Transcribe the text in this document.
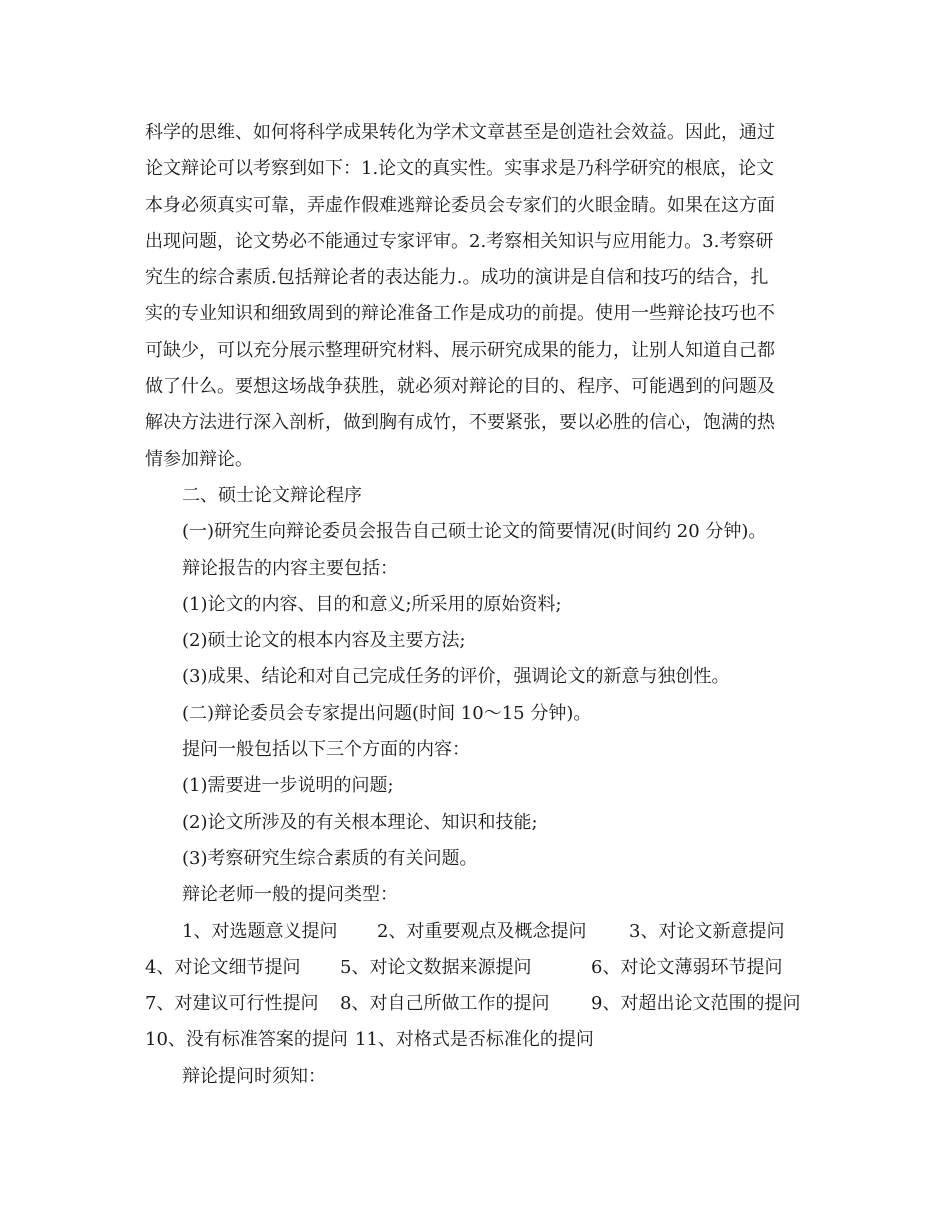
科学的思维、如何将科学成果转化为学术文章甚至是创造社会效益。因此，通过
论文辩论可以考察到如下：1.论文的真实性。实事求是乃科学研究的根底，论文
本身必须真实可靠，弄虚作假难逃辩论委员会专家们的火眼金睛。如果在这方面
出现问题，论文势必不能通过专家评审。2.考察相关知识与应用能力。3.考察研
究生的综合素质.包括辩论者的表达能力.。成功的演讲是自信和技巧的结合，扎
实的专业知识和细致周到的辩论准备工作是成功的前提。使用一些辩论技巧也不
可缺少，可以充分展示整理研究材料、展示研究成果的能力，让别人知道自己都
做了什么。要想这场战争获胜，就必须对辩论的目的、程序、可能遇到的问题及
解决方法进行深入剖析，做到胸有成竹，不要紧张，要以必胜的信心，饱满的热
情参加辩论。
二、硕士论文辩论程序
(一)研究生向辩论委员会报告自己硕士论文的简要情况(时间约 20 分钟)。
辩论报告的内容主要包括：
(1)论文的内容、目的和意义;所采用的原始资料;
(2)硕士论文的根本内容及主要方法;
(3)成果、结论和对自己完成任务的评价，强调论文的新意与独创性。
(二)辩论委员会专家提出问题(时间 10～15 分钟)。
提问一般包括以下三个方面的内容：
(1)需要进一步说明的问题;
(2)论文所涉及的有关根本理论、知识和技能;
(3)考察研究生综合素质的有关问题。
辩论老师一般的提问类型：
1、对选题意义提问 2、对重要观点及概念提问 3、对论文新意提问
4、对论文细节提问 5、对论文数据来源提问	6、对论文薄弱环节提问
7、对建议可行性提问 8、对自己所做工作的提问 9、对超出论文范围的提问
10、没有标准答案的提问 11、对格式是否标准化的提问
辩论提问时须知：
